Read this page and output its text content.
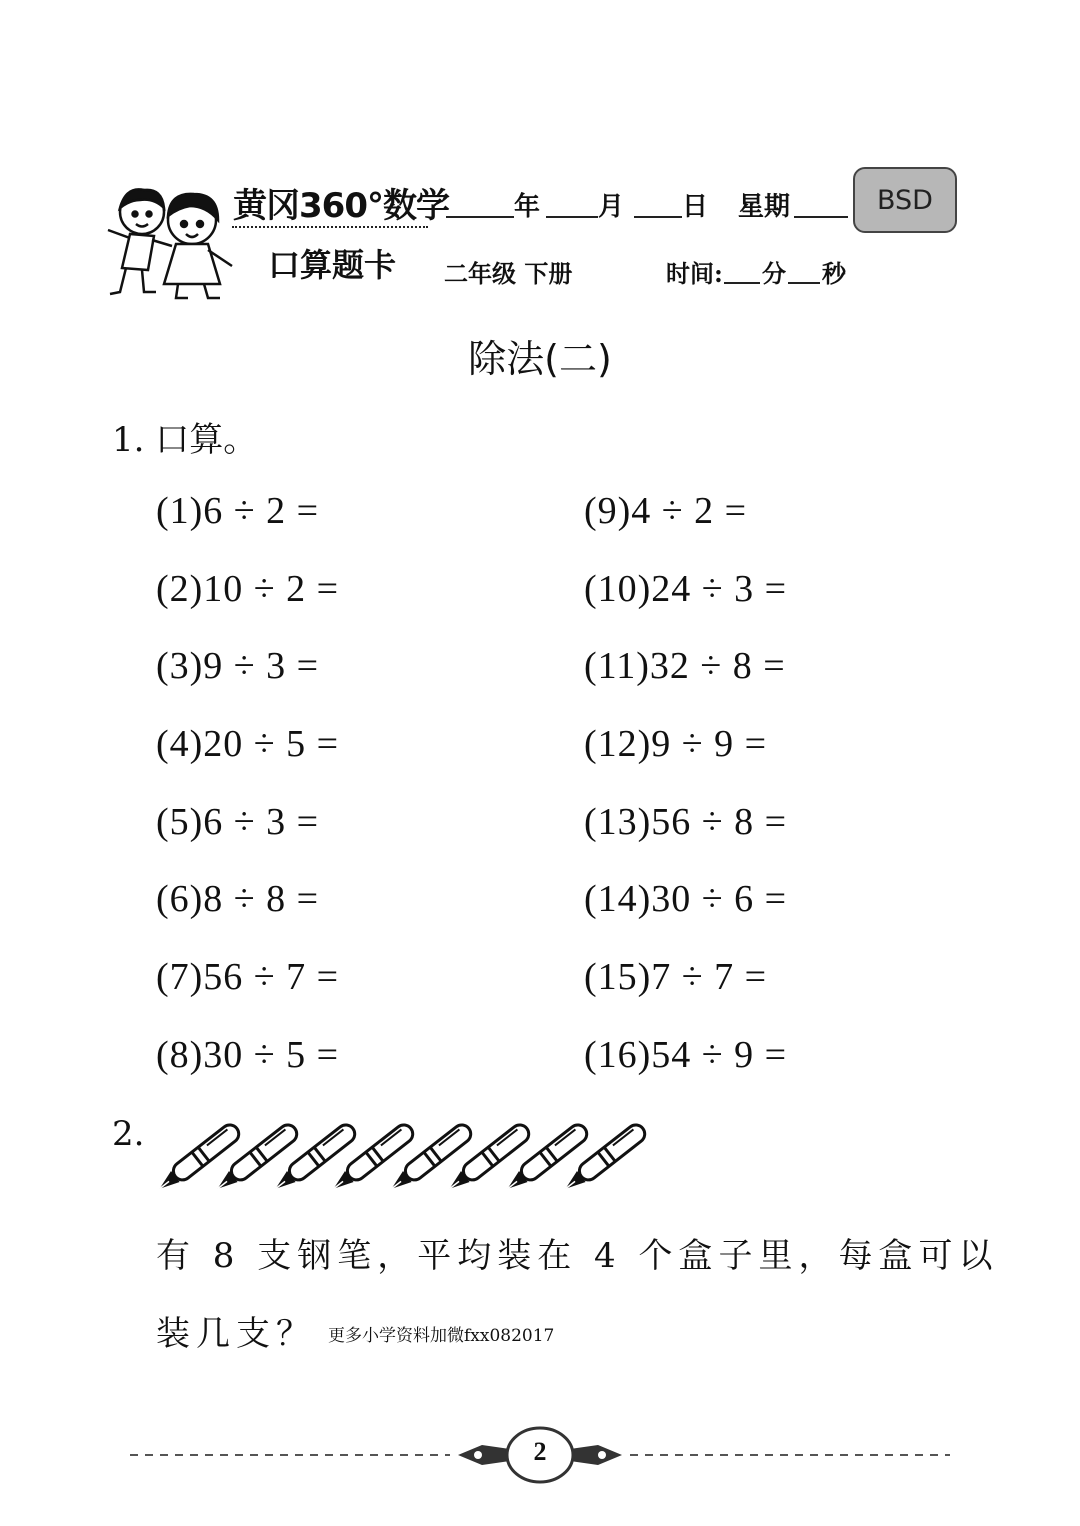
黄冈360°数学
口算题卡
年 月 日 星期	BSD
二年级 下册	时间: 分 秒
除法(二)
1. 口算。
(1)6 ÷ 2 =
(2)10 ÷ 2 =
(3)9 ÷ 3 =
(4)20 ÷ 5 =
(5)6 ÷ 3 =
(6)8 ÷ 8 =
(7)56 ÷ 7 =
(8)30 ÷ 5 =
(9)4 ÷ 2 =
(10)24 ÷ 3 =
(11)32 ÷ 8 =
(12)9 ÷ 9 =
(13)56 ÷ 8 =
(14)30 ÷ 6 =
(15)7 ÷ 7 =
(16)54 ÷ 9 =
2.
有 8 支钢笔，平均装在 4 个盒子里，每盒可以
装几支？ 更多小学资料加微fxx082017
2
